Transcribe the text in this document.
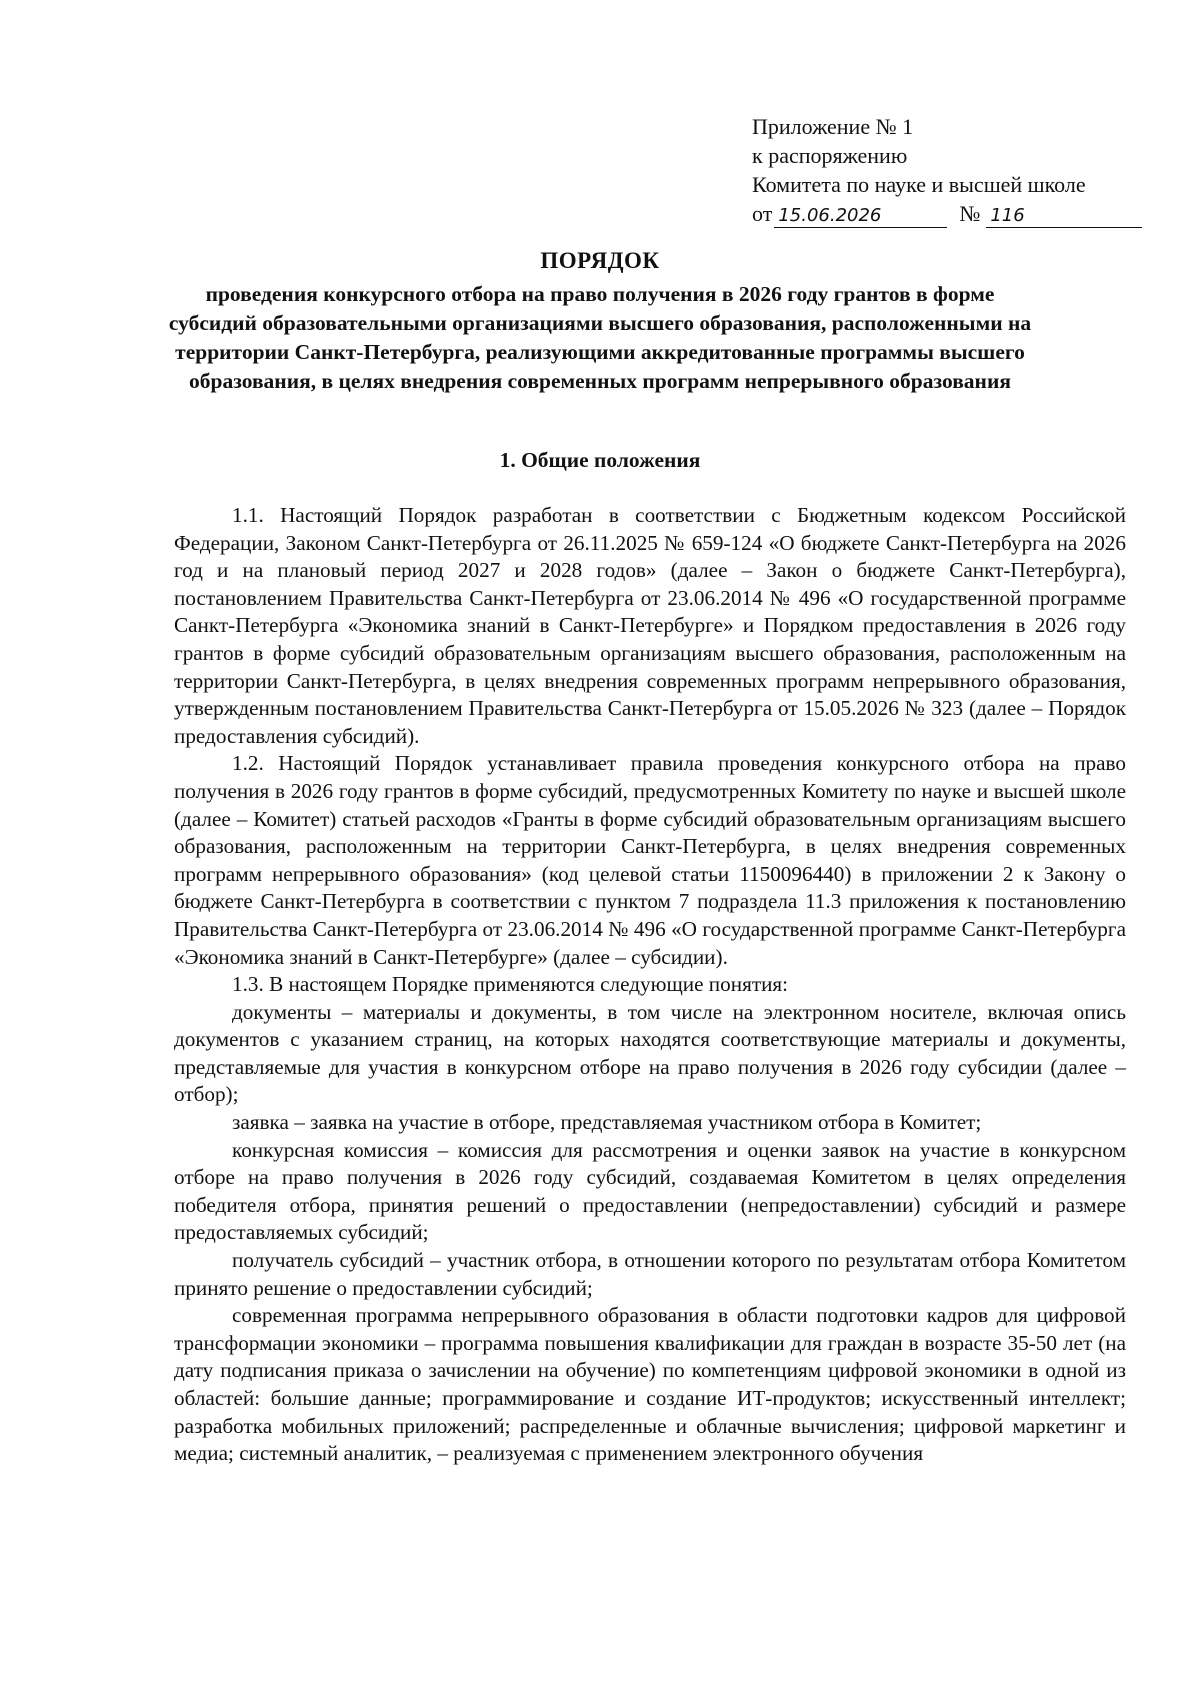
Приложение № 1
к распоряжению
Комитета по науке и высшей школе
от 15.06.2026	№ 116
ПОРЯДОК
проведения конкурсного отбора на право получения в 2026 году грантов в форме субсидий образовательными организациями высшего образования, расположенными на территории Санкт-Петербурга, реализующими аккредитованные программы высшего образования, в целях внедрения современных программ непрерывного образования
1. Общие положения

1.1. Настоящий Порядок разработан в соответствии с Бюджетным кодексом Российской Федерации, Законом Санкт-Петербурга от 26.11.2025 № 659-124 «О бюджете Санкт-Петербурга на 2026 год и на плановый период 2027 и 2028 годов» (далее – Закон о бюджете Санкт-Петербурга), постановлением Правительства Санкт-Петербурга от 23.06.2014 № 496 «О государственной программе Санкт-Петербурга «Экономика знаний в Санкт-Петербурге» и Порядком предоставления в 2026 году грантов в форме субсидий образовательным организациям высшего образования, расположенным на территории Санкт-Петербурга, в целях внедрения современных программ непрерывного образования, утвержденным постановлением Правительства Санкт-Петербурга от 15.05.2026 № 323 (далее – Порядок предоставления субсидий).

1.2. Настоящий Порядок устанавливает правила проведения конкурсного отбора на право получения в 2026 году грантов в форме субсидий, предусмотренных Комитету по науке и высшей школе (далее – Комитет) статьей расходов «Гранты в форме субсидий образовательным организациям высшего образования, расположенным на территории Санкт-Петербурга, в целях внедрения современных программ непрерывного образования» (код целевой статьи 1150096440) в приложении 2 к Закону о бюджете Санкт-Петербурга в соответствии с пунктом 7 подраздела 11.3 приложения к постановлению Правительства Санкт-Петербурга от 23.06.2014 № 496 «О государственной программе Санкт-Петербурга «Экономика знаний в Санкт-Петербурге» (далее – субсидии).

1.3. В настоящем Порядке применяются следующие понятия:

документы – материалы и документы, в том числе на электронном носителе, включая опись документов с указанием страниц, на которых находятся соответствующие материалы и документы, представляемые для участия в конкурсном отборе на право получения в 2026 году субсидии (далее – отбор);

заявка – заявка на участие в отборе, представляемая участником отбора в Комитет;

конкурсная комиссия – комиссия для рассмотрения и оценки заявок на участие в конкурсном отборе на право получения в 2026 году субсидий, создаваемая Комитетом в целях определения победителя отбора, принятия решений о предоставлении (непредоставлении) субсидий и размере предоставляемых субсидий;

получатель субсидий – участник отбора, в отношении которого по результатам отбора Комитетом принято решение о предоставлении субсидий;

современная программа непрерывного образования в области подготовки кадров для цифровой трансформации экономики – программа повышения квалификации для граждан в возрасте 35-50 лет (на дату подписания приказа о зачислении на обучение) по компетенциям цифровой экономики в одной из областей: большие данные; программирование и создание ИТ-продуктов; искусственный интеллект; разработка мобильных приложений; распределенные и облачные вычисления; цифровой маркетинг и медиа; системный аналитик, – реализуемая с применением электронного обучения
